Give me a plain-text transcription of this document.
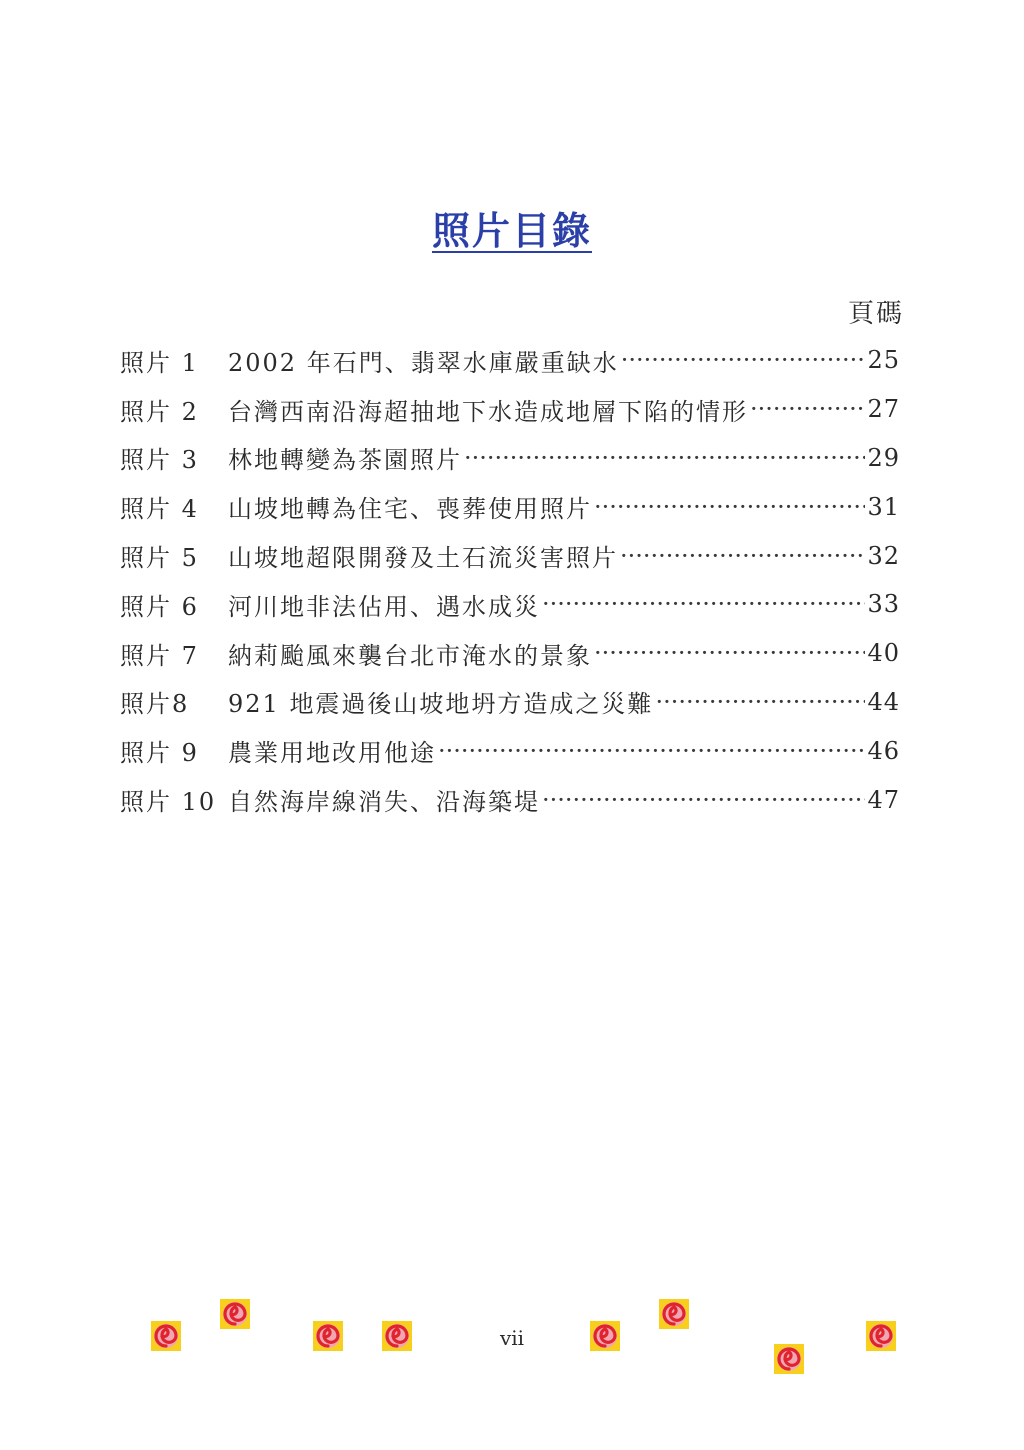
照片目錄
頁碼
照片 1	2002 年石門、翡翠水庫嚴重缺水 ·····	25
照片 2	台灣西南沿海超抽地下水造成地層下陷的情形 ·····	27
照片 3	林地轉變為茶園照片 ·····	29
照片 4	山坡地轉為住宅、喪葬使用照片 ·····	31
照片 5	山坡地超限開發及土石流災害照片 ·····	32
照片 6	河川地非法佔用、遇水成災 ·····	33
照片 7	納莉颱風來襲台北市淹水的景象 ·····	40
照片8	921 地震過後山坡地坍方造成之災難 ·····	44
照片 9	農業用地改用他途 ·····	46
照片 10 自然海岸線消失、沿海築堤 ·····	47
vii
